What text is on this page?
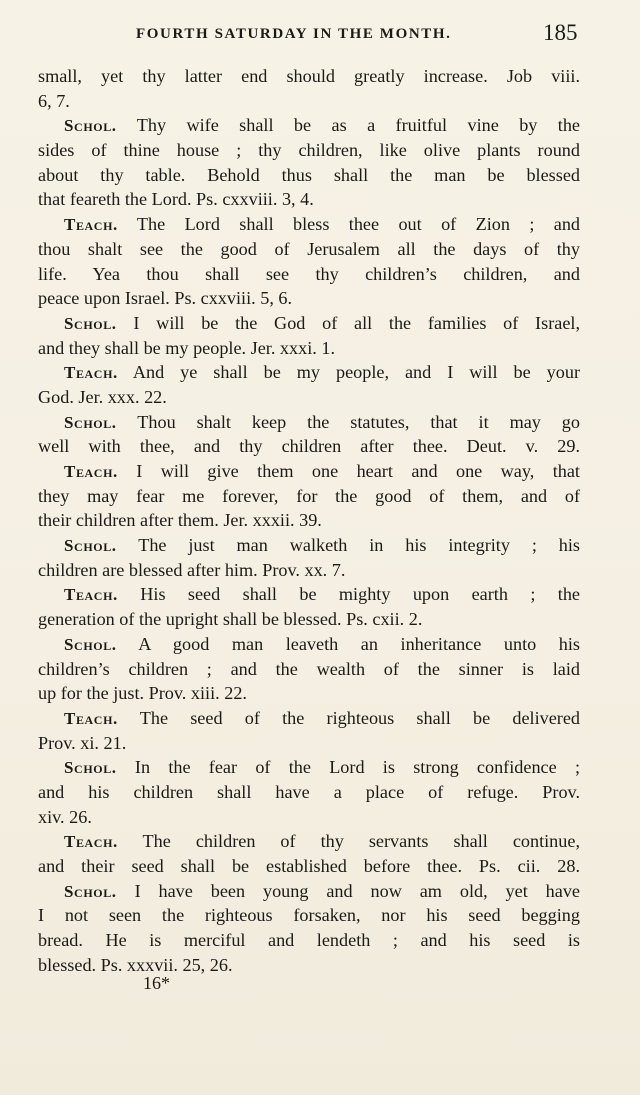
FOURTH SATURDAY IN THE MONTH.	185
small, yet thy latter end should greatly increase. Job viii.
6, 7.
Schol. Thy wife shall be as a fruitful vine by the
sides of thine house ; thy children, like olive plants round
about thy table. Behold thus shall the man be blessed
that feareth the Lord. Ps. cxxviii. 3, 4.
Teach. The Lord shall bless thee out of Zion ; and
thou shalt see the good of Jerusalem all the days of thy
life. Yea thou shall see thy children’s children, and
peace upon Israel. Ps. cxxviii. 5, 6.
Schol. I will be the God of all the families of Israel,
and they shall be my people. Jer. xxxi. 1.
Teach. And ye shall be my people, and I will be your
God. Jer. xxx. 22.
Schol. Thou shalt keep the statutes, that it may go
well with thee, and thy children after thee. Deut. v. 29.
Teach. I will give them one heart and one way, that
they may fear me forever, for the good of them, and of
their children after them. Jer. xxxii. 39.
Schol. The just man walketh in his integrity ; his
children are blessed after him. Prov. xx. 7.
Teach. His seed shall be mighty upon earth ; the
generation of the upright shall be blessed. Ps. cxii. 2.
Schol. A good man leaveth an inheritance unto his
children’s children ; and the wealth of the sinner is laid
up for the just. Prov. xiii. 22.
Teach. The seed of the righteous shall be delivered
Prov. xi. 21.
Schol. In the fear of the Lord is strong confidence ;
and his children shall have a place of refuge. Prov.
xiv. 26.
Teach. The children of thy servants shall continue,
and their seed shall be established before thee. Ps. cii. 28.
Schol. I have been young and now am old, yet have
I not seen the righteous forsaken, nor his seed begging
bread. He is merciful and lendeth ; and his seed is
blessed. Ps. xxxvii. 25, 26.
16*
